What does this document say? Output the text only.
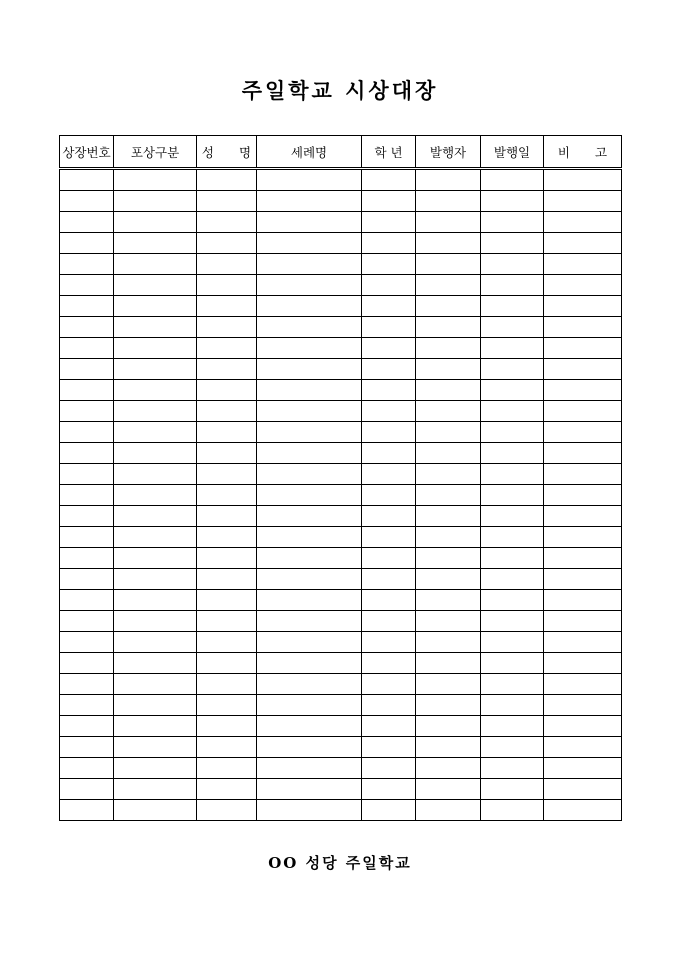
주일학교 시상대장
상장번호	포상구분	성　　명	세례명	학 년	발행자	발행일	비　　고

OO 성당 주일학교
